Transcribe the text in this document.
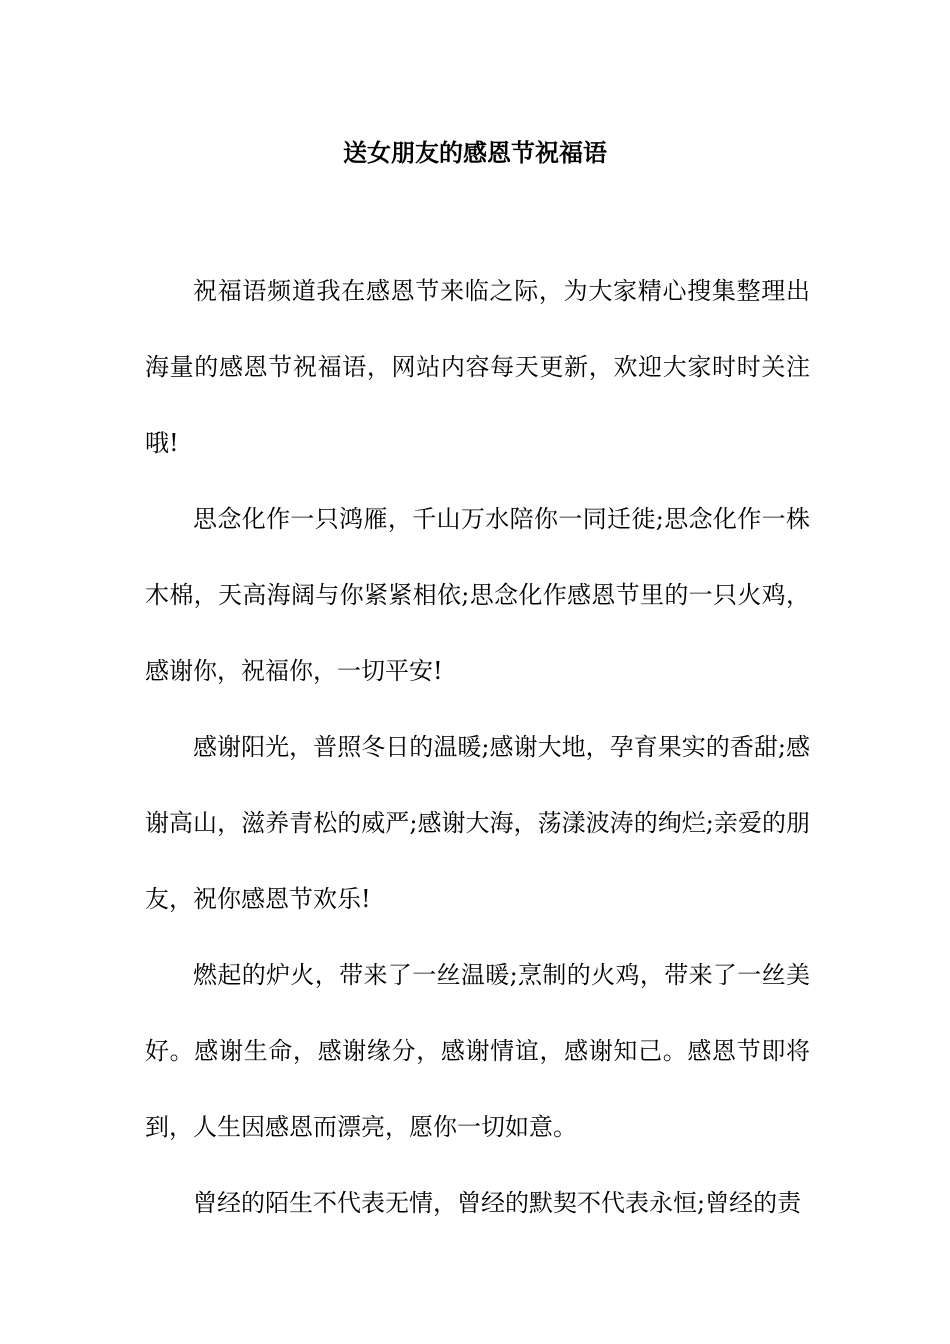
送女朋友的感恩节祝福语

祝福语频道我在感恩节来临之际，为大家精心搜集整理出海量的感恩节祝福语，网站内容每天更新，欢迎大家时时关注哦!

思念化作一只鸿雁，千山万水陪你一同迁徙;思念化作一株木棉，天高海阔与你紧紧相依;思念化作感恩节里的一只火鸡，感谢你，祝福你，一切平安!

感谢阳光，普照冬日的温暖;感谢大地，孕育果实的香甜;感谢高山，滋养青松的威严;感谢大海，荡漾波涛的绚烂;亲爱的朋友，祝你感恩节欢乐!

燃起的炉火，带来了一丝温暖;烹制的火鸡，带来了一丝美好。感谢生命，感谢缘分，感谢情谊，感谢知己。感恩节即将到，人生因感恩而漂亮，愿你一切如意。

曾经的陌生不代表无情，曾经的默契不代表永恒;曾经的责
